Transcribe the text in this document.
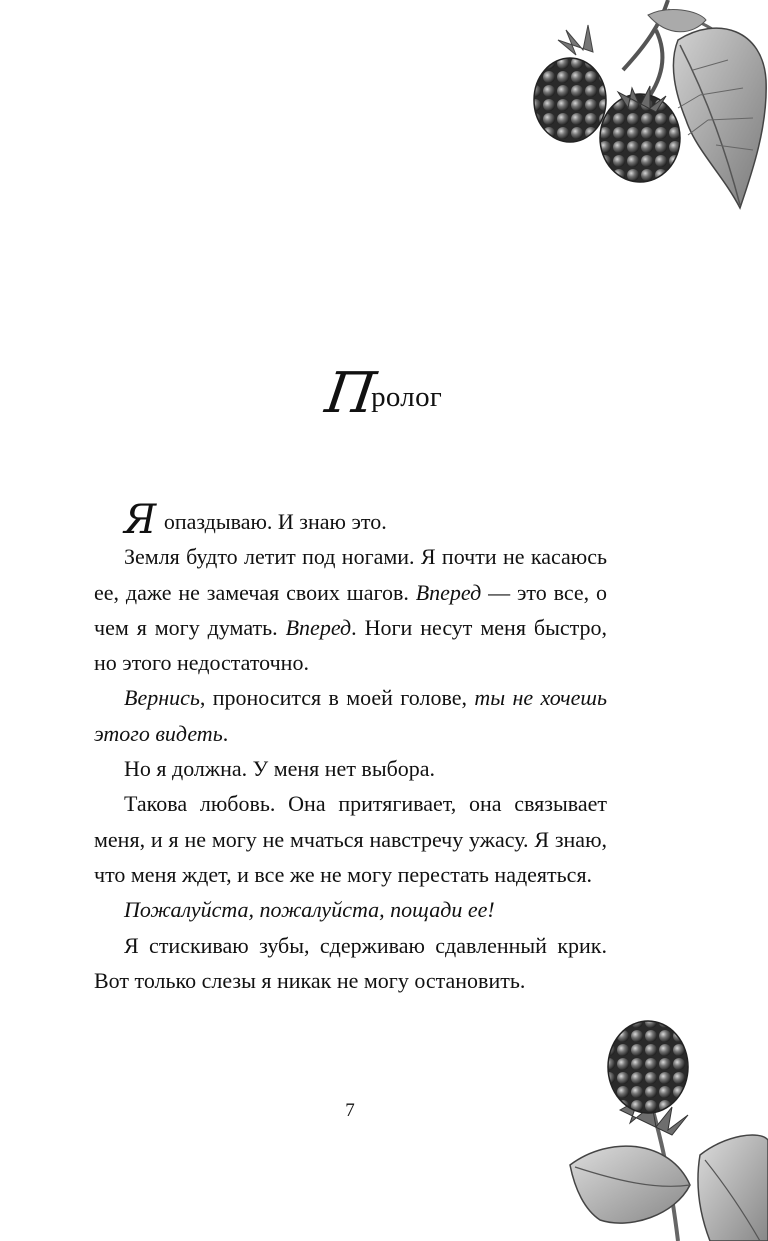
Пролог

Я опаздываю. И знаю это.

Земля будто летит под ногами. Я почти не касаюсь ее, даже не замечая своих шагов. Вперед — это все, о чем я могу думать. Вперед. Ноги несут меня быстро, но этого недостаточно.

Вернись, проносится в моей голове, ты не хочешь этого видеть.

Но я должна. У меня нет выбора.

Такова любовь. Она притягивает, она связывает меня, и я не могу не мчаться навстречу ужасу. Я знаю, что меня ждет, и все же не могу перестать надеяться.

Пожалуйста, пожалуйста, пощади ее!

Я стискиваю зубы, сдерживаю сдавленный крик. Вот только слезы я никак не могу остановить.

7
